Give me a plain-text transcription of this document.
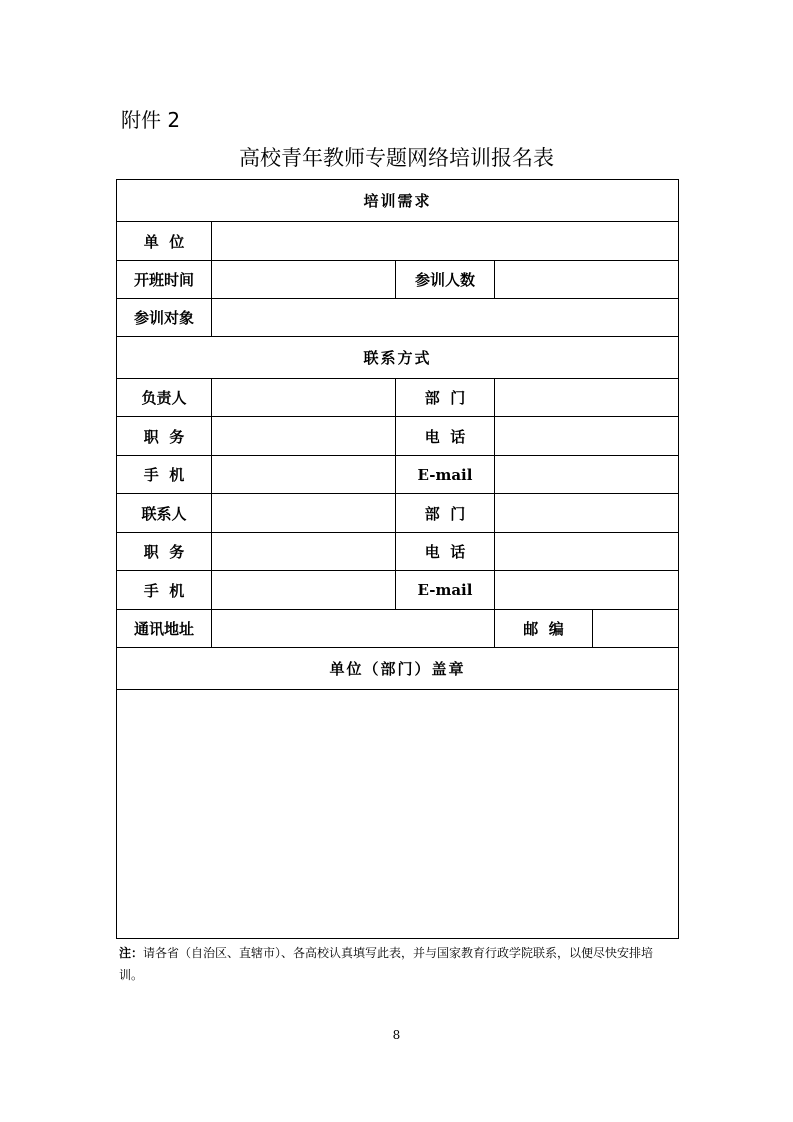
附件 2
高校青年教师专题网络培训报名表
培训需求				
单  位				
开班时间		参训人数		
参训对象				
联系方式				
负责人		部  门		
职  务		电  话		
手  机		E-mail		
联系人		部  门		
职  务		电  话		
手  机		E-mail		
通讯地址			邮  编	
单位（部门）盖章				

注：请各省（自治区、直辖市）、各高校认真填写此表，并与国家教育行政学院联系，以便尽快安排培训。
8
